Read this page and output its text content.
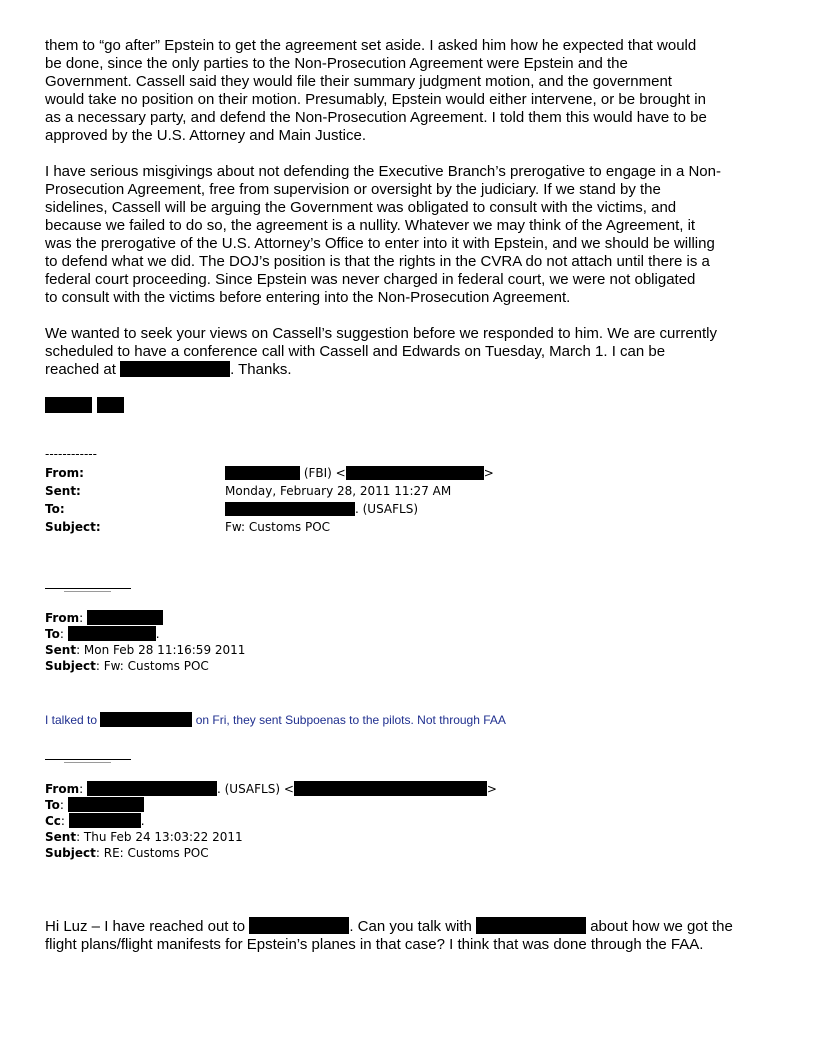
them to “go after” Epstein to get the agreement set aside. I asked him how he expected that would

be done, since the only parties to the Non-Prosecution Agreement were Epstein and the

Government. Cassell said they would file their summary judgment motion, and the government

would take no position on their motion. Presumably, Epstein would either intervene, or be brought in

as a necessary party, and defend the Non-Prosecution Agreement. I told them this would have to be

approved by the U.S. Attorney and Main Justice.

I have serious misgivings about not defending the Executive Branch’s prerogative to engage in a Non-

Prosecution Agreement, free from supervision or oversight by the judiciary. If we stand by the

sidelines, Cassell will be arguing the Government was obligated to consult with the victims, and

because we failed to do so, the agreement is a nullity. Whatever we may think of the Agreement, it

was the prerogative of the U.S. Attorney’s Office to enter into it with Epstein, and we should be willing

to defend what we did. The DOJ’s position is that the rights in the CVRA do not attach until there is a

federal court proceeding. Since Epstein was never charged in federal court, we were not obligated

to consult with the victims before entering into the Non-Prosecution Agreement.

We wanted to seek your views on Cassell’s suggestion before we responded to him. We are currently

scheduled to have a conference call with Cassell and Edwards on Tuesday, March 1. I can be

reached at	. Thanks.

------------
From:	(FBI) <	>
Sent:	Monday, February 28, 2011 11:27 AM
To:	. (USAFLS)
Subject:	Fw: Customs POC
From:
To:	.
Sent: Mon Feb 28 11:16:59 2011
Subject: Fw: Customs POC
I talked to	on Fri, they sent Subpoenas to the pilots. Not through FAA
From:	. (USAFLS) <	>
To:
Cc:	.
Sent: Thu Feb 24 13:03:22 2011
Subject: RE: Customs POC

Hi Luz – I have reached out to	. Can you talk with	about how we got the

flight plans/flight manifests for Epstein’s planes in that case? I think that was done through the FAA.
